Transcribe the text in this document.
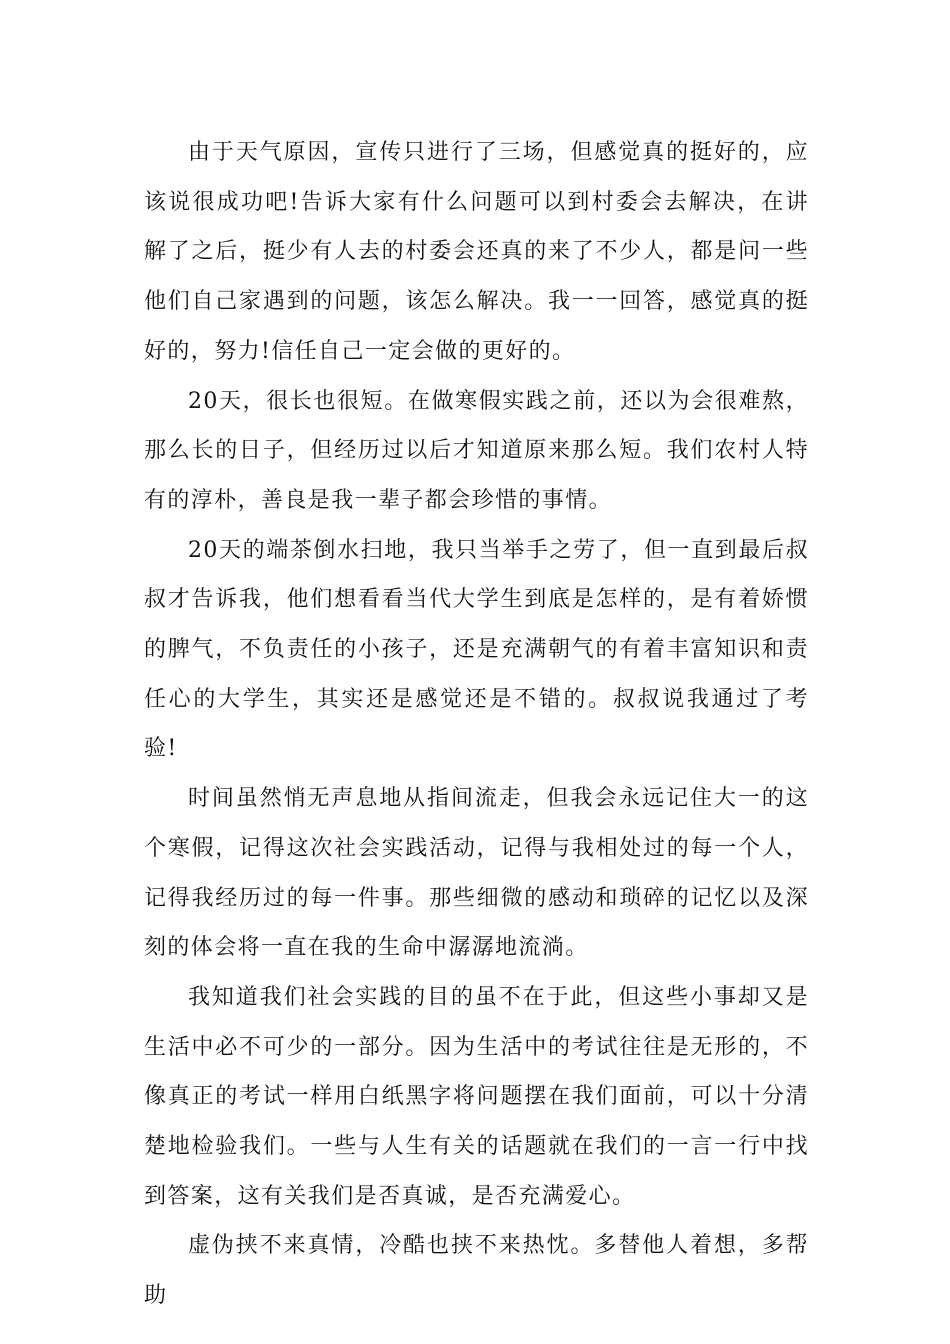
由于天气原因，宣传只进行了三场，但感觉真的挺好的，应该说很成功吧!告诉大家有什么问题可以到村委会去解决，在讲解了之后，挺少有人去的村委会还真的来了不少人，都是问一些他们自己家遇到的问题，该怎么解决。我一一回答，感觉真的挺好的，努力!信任自己一定会做的更好的。

20天，很长也很短。在做寒假实践之前，还以为会很难熬，那么长的日子，但经历过以后才知道原来那么短。我们农村人特有的淳朴，善良是我一辈子都会珍惜的事情。

20天的端茶倒水扫地，我只当举手之劳了，但一直到最后叔叔才告诉我，他们想看看当代大学生到底是怎样的，是有着娇惯的脾气，不负责任的小孩子，还是充满朝气的有着丰富知识和责任心的大学生，其实还是感觉还是不错的。叔叔说我通过了考验!

时间虽然悄无声息地从指间流走，但我会永远记住大一的这个寒假，记得这次社会实践活动，记得与我相处过的每一个人，记得我经历过的每一件事。那些细微的感动和琐碎的记忆以及深刻的体会将一直在我的生命中潺潺地流淌。

我知道我们社会实践的目的虽不在于此，但这些小事却又是生活中必不可少的一部分。因为生活中的考试往往是无形的，不像真正的考试一样用白纸黑字将问题摆在我们面前，可以十分清楚地检验我们。一些与人生有关的话题就在我们的一言一行中找到答案，这有关我们是否真诚，是否充满爱心。

虚伪挟不来真情，冷酷也挟不来热忱。多替他人着想，多帮助
